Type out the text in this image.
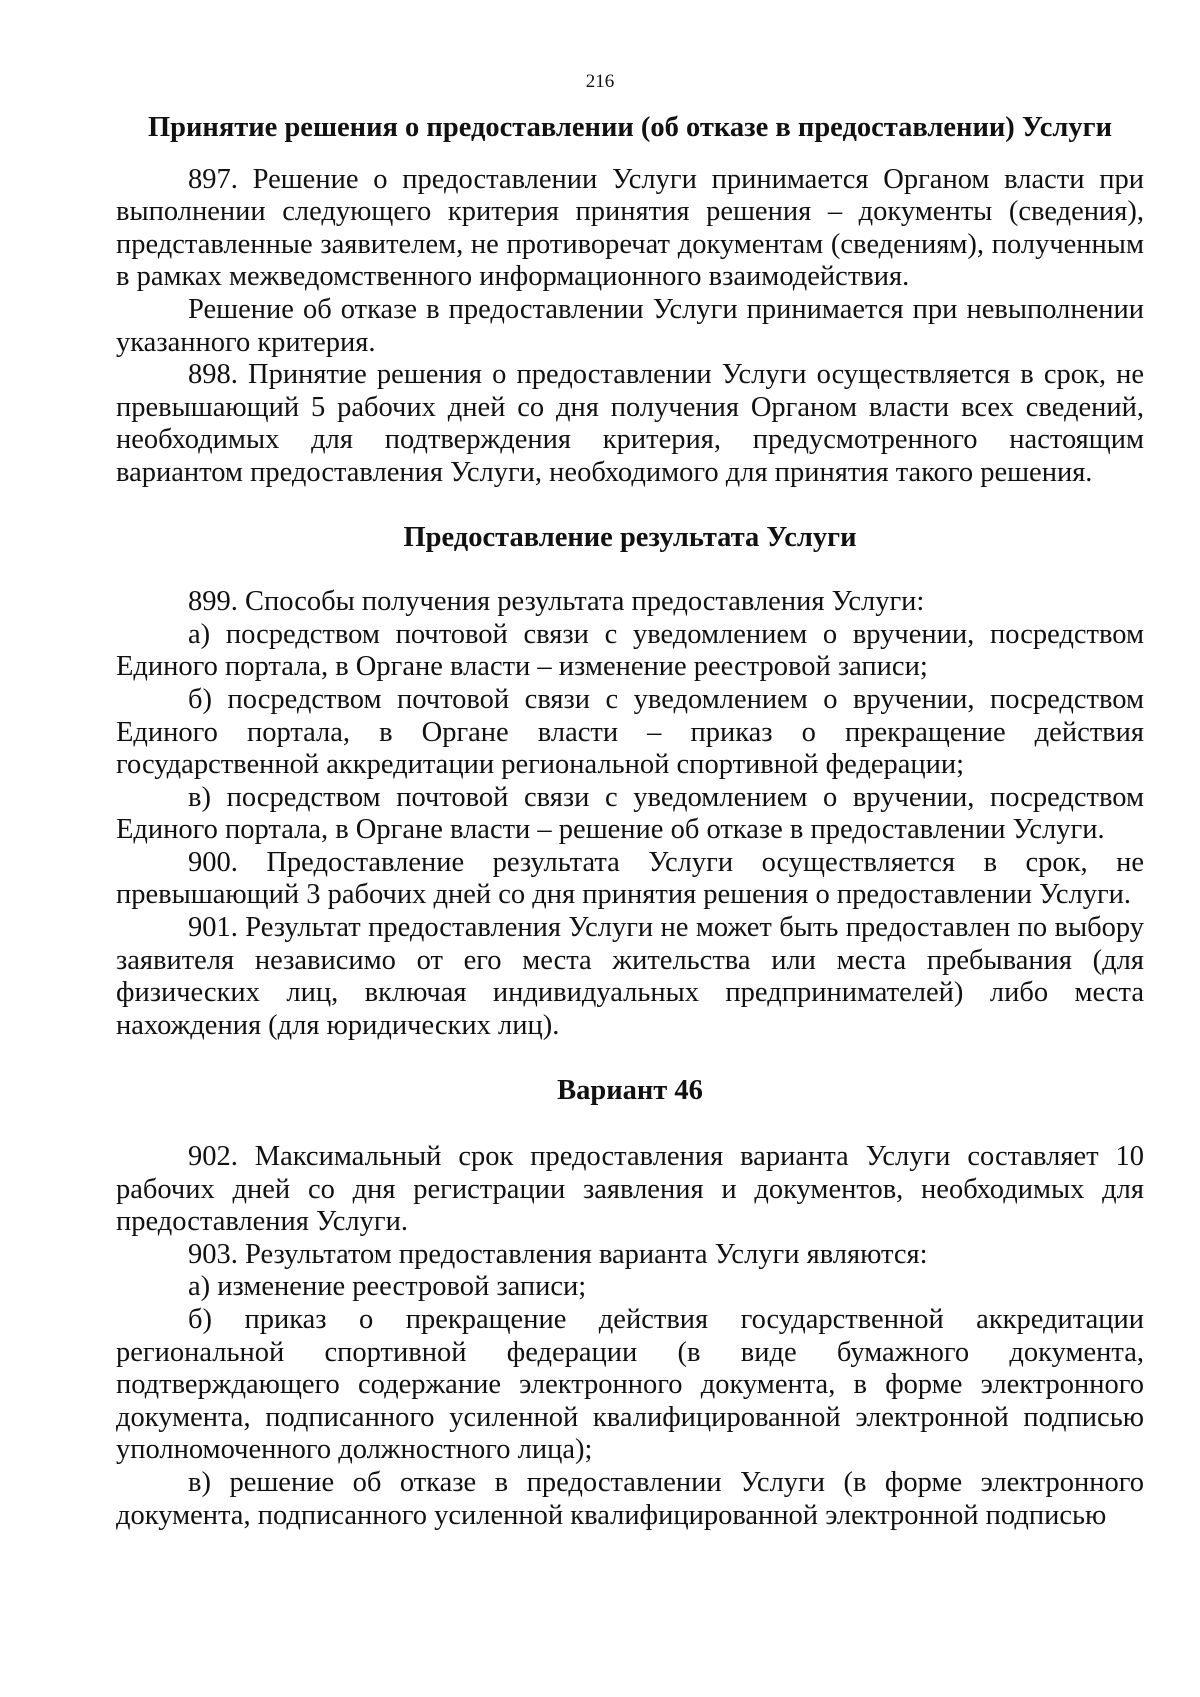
216
Принятие решения о предоставлении (об отказе в предоставлении) Услуги

897. Решение о предоставлении Услуги принимается Органом власти при выполнении следующего критерия принятия решения – документы (сведения), представленные заявителем, не противоречат документам (сведениям), полученным в рамках межведомственного информационного взаимодействия.

Решение об отказе в предоставлении Услуги принимается при невыполнении указанного критерия.

898. Принятие решения о предоставлении Услуги осуществляется в срок, не превышающий 5 рабочих дней со дня получения Органом власти всех сведений, необходимых для подтверждения критерия, предусмотренного настоящим вариантом предоставления Услуги, необходимого для принятия такого решения.

Предоставление результата Услуги

899. Способы получения результата предоставления Услуги:

а) посредством почтовой связи с уведомлением о вручении, посредством Единого портала, в Органе власти – изменение реестровой записи;

б) посредством почтовой связи с уведомлением о вручении, посредством Единого портала, в Органе власти – приказ о прекращение действия государственной аккредитации региональной спортивной федерации;

в) посредством почтовой связи с уведомлением о вручении, посредством Единого портала, в Органе власти – решение об отказе в предоставлении Услуги.

900. Предоставление результата Услуги осуществляется в срок, не превышающий 3 рабочих дней со дня принятия решения о предоставлении Услуги.

901. Результат предоставления Услуги не может быть предоставлен по выбору заявителя независимо от его места жительства или места пребывания (для физических лиц, включая индивидуальных предпринимателей) либо места нахождения (для юридических лиц).

Вариант 46

902. Максимальный срок предоставления варианта Услуги составляет 10 рабочих дней со дня регистрации заявления и документов, необходимых для предоставления Услуги.

903. Результатом предоставления варианта Услуги являются:

а) изменение реестровой записи;

б) приказ о прекращение действия государственной аккредитации региональной спортивной федерации (в виде бумажного документа, подтверждающего содержание электронного документа, в форме электронного документа, подписанного усиленной квалифицированной электронной подписью уполномоченного должностного лица);

в) решение об отказе в предоставлении Услуги (в форме электронного документа, подписанного усиленной квалифицированной электронной подписью
